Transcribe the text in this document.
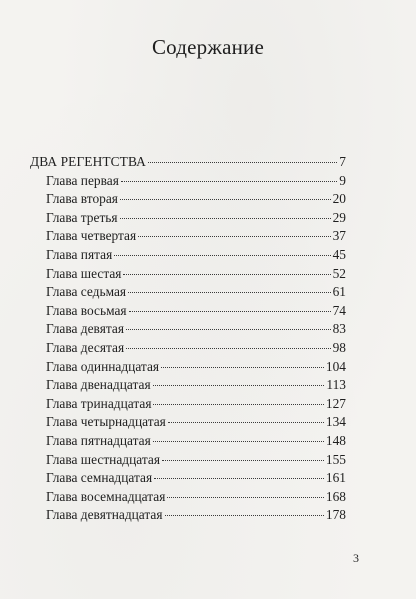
Содержание
ДВА РЕГЕНТСТВА	7
Глава первая	9
Глава вторая	20
Глава третья	29
Глава четвертая	37
Глава пятая	45
Глава шестая	52
Глава седьмая	61
Глава восьмая	74
Глава девятая	83
Глава десятая	98
Глава одиннадцатая	104
Глава двенадцатая	113
Глава тринадцатая	127
Глава четырнадцатая	134
Глава пятнадцатая	148
Глава шестнадцатая	155
Глава семнадцатая	161
Глава восемнадцатая	168
Глава девятнадцатая	178
3
